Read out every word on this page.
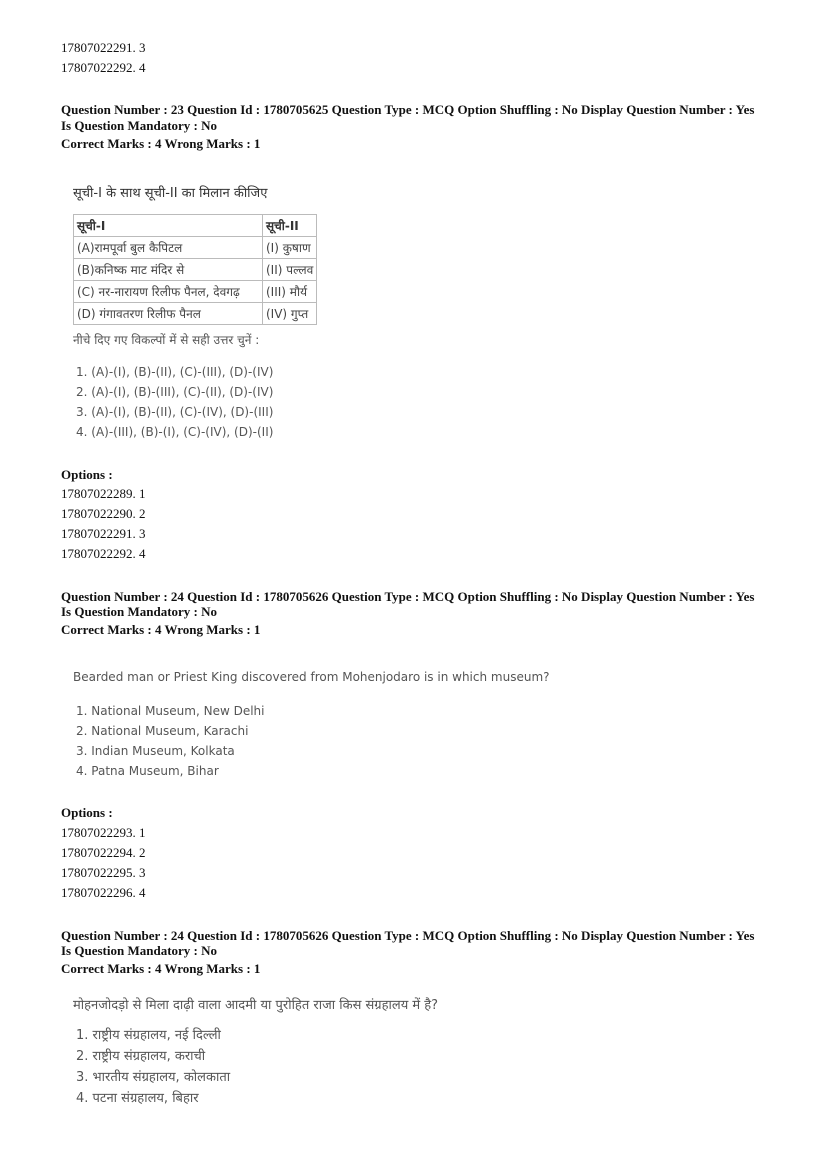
17807022291. 3
17807022292. 4
Question Number : 23 Question Id : 1780705625 Question Type : MCQ Option Shuffling : No Display Question Number : Yes
Is Question Mandatory : No
Correct Marks : 4 Wrong Marks : 1
सूची-I के साथ सूची-II का मिलान कीजिए
सूची-I	सूची-II
(A)रामपूर्वा बुल कैपिटल	(I) कुषाण
(B)कनिष्क माट मंदिर से	(II) पल्लव
(C) नर-नारायण रिलीफ पैनल, देवगढ़	(III) मौर्य
(D) गंगावतरण रिलीफ पैनल	(IV) गुप्त
नीचे दिए गए विकल्पों में से सही उत्तर चुनें :
1. (A)-(I), (B)-(II), (C)-(III), (D)-(IV)
2. (A)-(I), (B)-(III), (C)-(II), (D)-(IV)
3. (A)-(I), (B)-(II), (C)-(IV), (D)-(III)
4. (A)-(III), (B)-(I), (C)-(IV), (D)-(II)
Options :
17807022289. 1
17807022290. 2
17807022291. 3
17807022292. 4
Question Number : 24 Question Id : 1780705626 Question Type : MCQ Option Shuffling : No Display Question Number : Yes
Is Question Mandatory : No
Correct Marks : 4 Wrong Marks : 1
Bearded man or Priest King discovered from Mohenjodaro is in which museum?
1. National Museum, New Delhi
2. National Museum, Karachi
3. Indian Museum, Kolkata
4. Patna Museum, Bihar
Options :
17807022293. 1
17807022294. 2
17807022295. 3
17807022296. 4
Question Number : 24 Question Id : 1780705626 Question Type : MCQ Option Shuffling : No Display Question Number : Yes
Is Question Mandatory : No
Correct Marks : 4 Wrong Marks : 1
मोहनजोदड़ो से मिला दाढ़ी वाला आदमी या पुरोहित राजा किस संग्रहालय में है?
1. राष्ट्रीय संग्रहालय, नई दिल्ली
2. राष्ट्रीय संग्रहालय, कराची
3. भारतीय संग्रहालय, कोलकाता
4. पटना संग्रहालय, बिहार
